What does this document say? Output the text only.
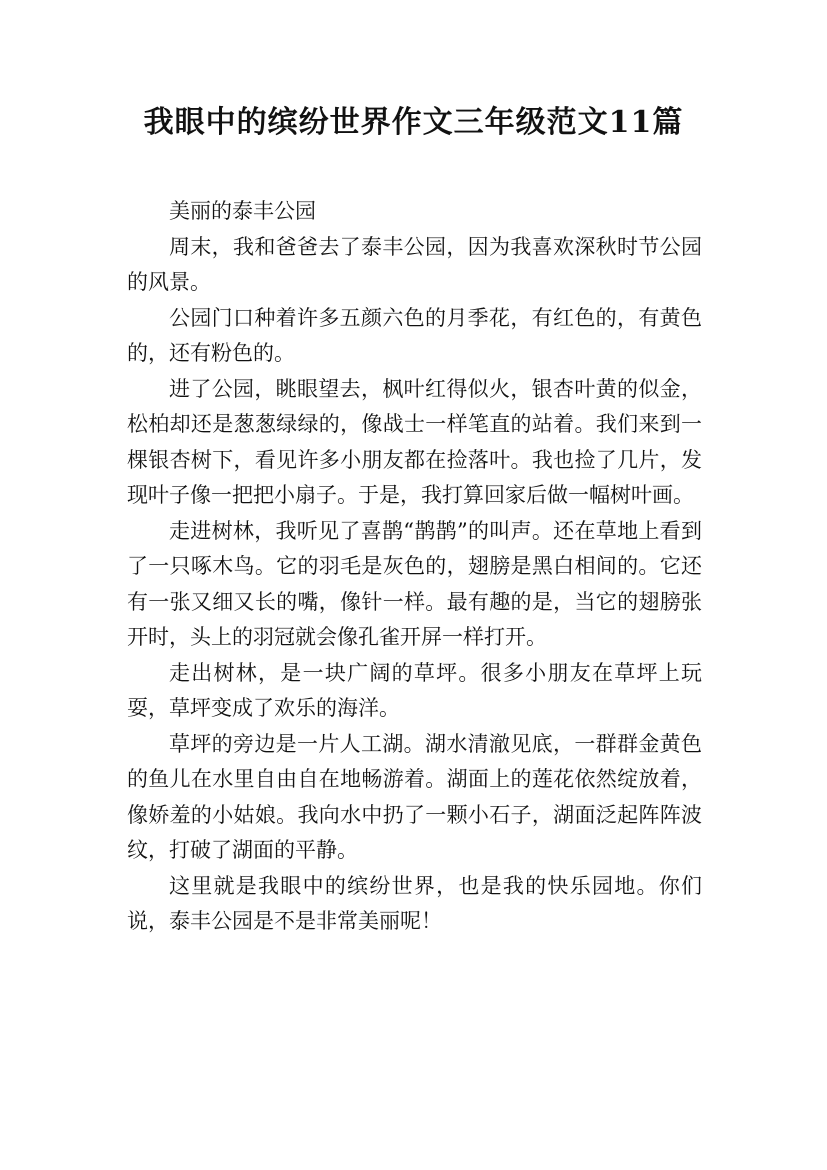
我眼中的缤纷世界作文三年级范文11篇

美丽的泰丰公园

周末，我和爸爸去了泰丰公园，因为我喜欢深秋时节公园的风景。

公园门口种着许多五颜六色的月季花，有红色的，有黄色的，还有粉色的。

进了公园，眺眼望去，枫叶红得似火，银杏叶黄的似金，松柏却还是葱葱绿绿的，像战士一样笔直的站着。我们来到一棵银杏树下，看见许多小朋友都在捡落叶。我也捡了几片，发现叶子像一把把小扇子。于是，我打算回家后做一幅树叶画。

走进树林，我听见了喜鹊“鹊鹊”的叫声。还在草地上看到了一只啄木鸟。它的羽毛是灰色的，翅膀是黑白相间的。它还有一张又细又长的嘴，像针一样。最有趣的是，当它的翅膀张开时，头上的羽冠就会像孔雀开屏一样打开。

走出树林，是一块广阔的草坪。很多小朋友在草坪上玩耍，草坪变成了欢乐的海洋。

草坪的旁边是一片人工湖。湖水清澈见底，一群群金黄色的鱼儿在水里自由自在地畅游着。湖面上的莲花依然绽放着，像娇羞的小姑娘。我向水中扔了一颗小石子，湖面泛起阵阵波纹，打破了湖面的平静。

这里就是我眼中的缤纷世界，也是我的快乐园地。你们说，泰丰公园是不是非常美丽呢！
